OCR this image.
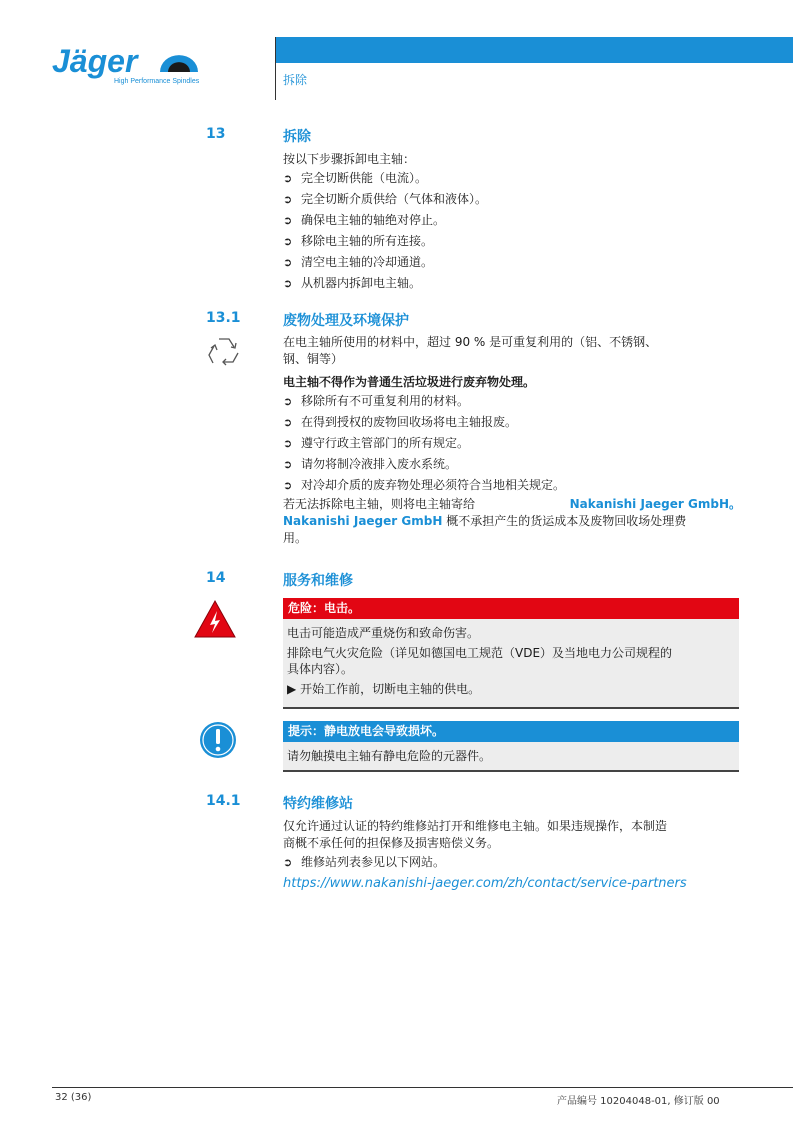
Jäger
High Performance Spindles	拆除
13	拆除
按以下步骤拆卸电主轴：
➲ 完全切断供能（电流）。
➲ 完全切断介质供给（气体和液体）。
➲ 确保电主轴的轴绝对停止。
➲ 移除电主轴的所有连接。
➲ 清空电主轴的冷却通道。
➲ 从机器内拆卸电主轴。
13.1	废物处理及环境保护
在电主轴所使用的材料中，超过 90 % 是可重复利用的（铝、不锈钢、
钢、铜等）
电主轴不得作为普通生活垃圾进行废弃物处理。
➲ 移除所有不可重复利用的材料。
➲ 在得到授权的废物回收场将电主轴报废。
➲ 遵守行政主管部门的所有规定。
➲ 请勿将制冷液排入废水系统。
➲ 对冷却介质的废弃物处理必须符合当地相关规定。
若无法拆除电主轴，则将电主轴寄给	Nakanishi Jaeger GmbH。
Nakanishi Jaeger GmbH 概不承担产生的货运成本及废物回收场处理费
用。
14	服务和维修
危险：电击。
电击可能造成严重烧伤和致命伤害。
排除电气火灾危险（详见如德国电工规范（VDE）及当地电力公司规程的
具体内容）。
▶ 开始工作前，切断电主轴的供电。
提示：静电放电会导致损坏。
请勿触摸电主轴有静电危险的元器件。
14.1	特约维修站
仅允许通过认证的特约维修站打开和维修电主轴。如果违规操作，本制造
商概不承任何的担保修及损害赔偿义务。
➲ 维修站列表参见以下网站。
https://www.nakanishi-jaeger.com/zh/contact/service-partners
32 (36)	产品编号 10204048-01, 修订版 00
